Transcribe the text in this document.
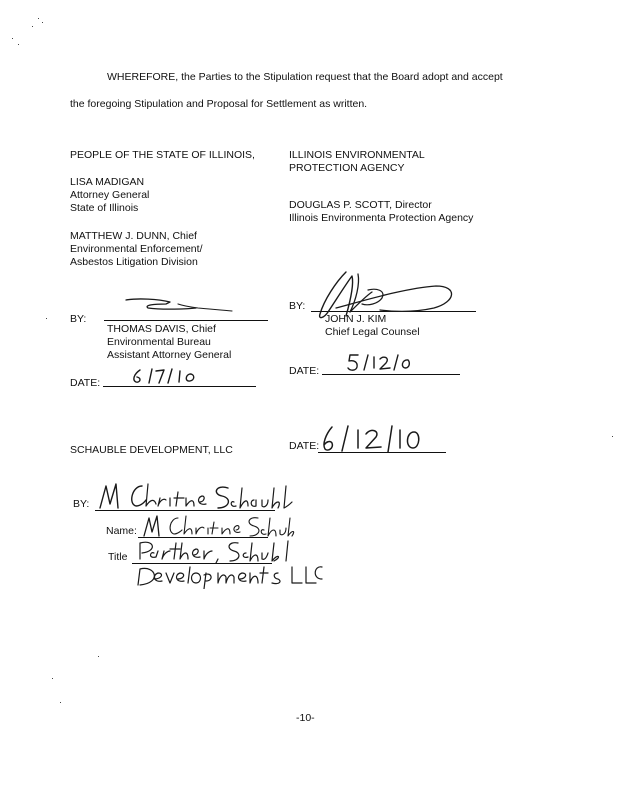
WHEREFORE, the Parties to the Stipulation request that the Board adopt and accept
the foregoing Stipulation and Proposal for Settlement as written.
PEOPLE OF THE STATE OF ILLINOIS,
LISA MADIGAN
Attorney General
State of Illinois
MATTHEW J. DUNN, Chief
Environmental Enforcement/
Asbestos Litigation Division
BY:
THOMAS DAVIS, Chief
Environmental Bureau
Assistant Attorney General
DATE:
ILLINOIS ENVIRONMENTAL
PROTECTION AGENCY
DOUGLAS P. SCOTT, Director
Illinois Environmenta Protection Agency
BY:
JOHN J. KIM
Chief Legal Counsel
DATE:
SCHAUBLE DEVELOPMENT, LLC	DATE:
BY:
Name:
Title
-10-
